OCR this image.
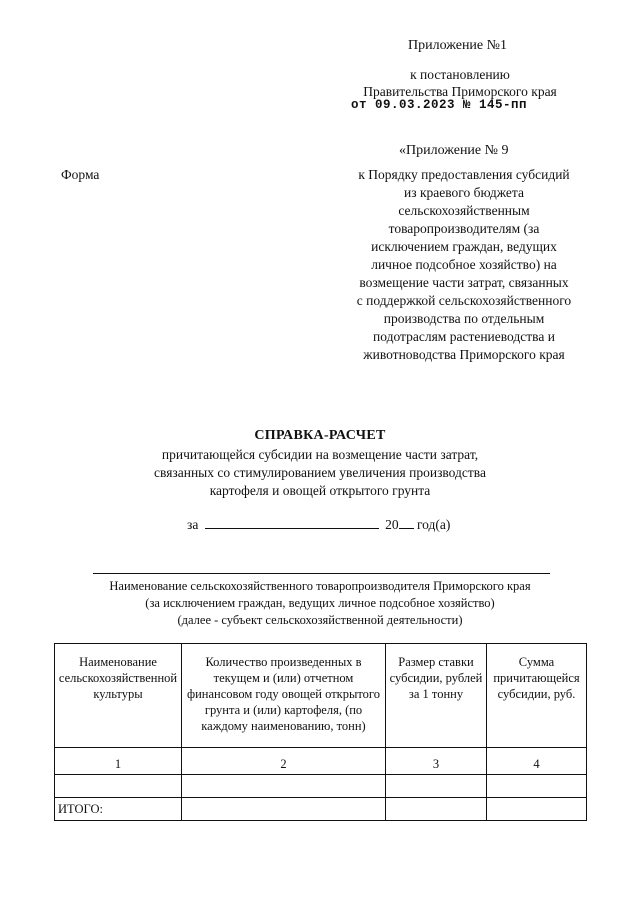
Приложение №1
к постановлению
Правительства Приморского края
от 09.03.2023 № 145-пп
«Приложение № 9
Форма	к Порядку предоставления субсидий
из краевого бюджета
сельскохозяйственным
товаропроизводителям (за
исключением граждан, ведущих
личное подсобное хозяйство) на
возмещение части затрат, связанных
с поддержкой сельскохозяйственного
производства по отдельным
подотраслям растениеводства и
животноводства Приморского края
СПРАВКА-РАСЧЕТ
причитающейся субсидии на возмещение части затрат,
связанных со стимулированием увеличения производства
картофеля и овощей открытого грунта
за	20 год(а)
Наименование сельскохозяйственного товаропроизводителя Приморского края
(за исключением граждан, ведущих личное подсобное хозяйство)
(далее - субъект сельскохозяйственной деятельности)
Наименование сельскохозяйственной культуры	Количество произведенных в текущем и (или) отчетном финансовом году овощей открытого грунта и (или) картофеля, (по каждому наименованию, тонн)	Размер ставки субсидии, рублей за 1 тонну	Сумма причитающейся субсидии, руб.
1	2	3	4

ИТОГО:			
